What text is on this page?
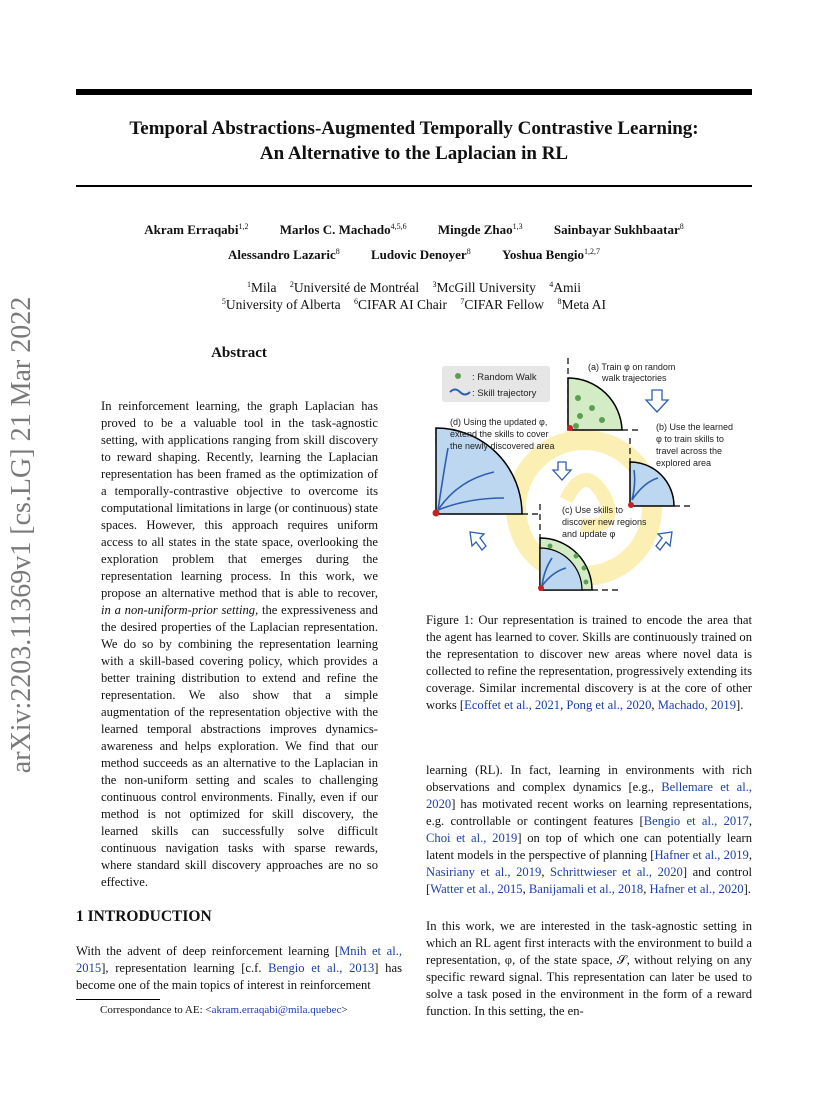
arXiv:2203.11369v1 [cs.LG] 21 Mar 2022
Temporal Abstractions-Augmented Temporally Contrastive Learning:
An Alternative to the Laplacian in RL
Akram Erraqabi$^{1,2}$ Marlos C. Machado$^{4,5,6}$ Mingde Zhao$^{1,3}$ Sainbayar Sukhbaatar$^8$
Alessandro Lazaric$^8$ Ludovic Denoyer$^8$ Yoshua Bengio$^{1,2,7}$
$^1$Mila $^2$Université de Montréal $^3$McGill University $^4$Amii
$^5$University of Alberta $^6$CIFAR AI Chair $^7$CIFAR Fellow $^8$Meta AI
Abstract

In reinforcement learning, the graph Laplacian has proved to be a valuable tool in the task-agnostic setting, with applications ranging from skill discovery to reward shaping. Recently, learning the Laplacian representation has been framed as the optimization of a temporally-contrastive objective to overcome its computational limitations in large (or continuous) state spaces. However, this approach requires uniform access to all states in the state space, overlooking the exploration problem that emerges during the representation learning process. In this work, we propose an alternative method that is able to recover, in a non-uniform-prior setting, the expressiveness and the desired properties of the Laplacian representation. We do so by combining the representation learning with a skill-based covering policy, which provides a better training distribution to extend and refine the representation. We also show that a simple augmentation of the representation objective with the learned temporal abstractions improves dynamics-awareness and helps exploration. We find that our method succeeds as an alternative to the Laplacian in the non-uniform setting and scales to challenging continuous control environments. Finally, even if our method is not optimized for skill discovery, the learned skills can successfully solve difficult continuous navigation tasks with sparse rewards, where standard skill discovery approaches are no so effective.

1 INTRODUCTION

With the advent of deep reinforcement learning [Mnih et al., 2015], representation learning [c.f. Bengio et al., 2013] has become one of the main topics of interest in reinforcement

Correspondance to AE: <akram.erraqabi@mila.quebec>
: Random Walk
: Skill trajectory
(a) Train φ on random
walk trajectories
(b) Use the learned
φ to train skills to
travel across the
explored area
(c) Use skills to
discover new regions
and update φ
(d) Using the updated φ,
extend the skills to cover
the newly discovered area

Figure 1: Our representation is trained to encode the area that the agent has learned to cover. Skills are continuously trained on the representation to discover new areas where novel data is collected to refine the representation, progressively extending its coverage. Similar incremental discovery is at the core of other works [Ecoffet et al., 2021, Pong et al., 2020, Machado, 2019].

learning (RL). In fact, learning in environments with rich observations and complex dynamics [e.g., Bellemare et al., 2020] has motivated recent works on learning representations, e.g. controllable or contingent features [Bengio et al., 2017, Choi et al., 2019] on top of which one can potentially learn latent models in the perspective of planning [Hafner et al., 2019, Nasiriany et al., 2019, Schrittwieser et al., 2020] and control [Watter et al., 2015, Banijamali et al., 2018, Hafner et al., 2020].

In this work, we are interested in the task-agnostic setting in which an RL agent first interacts with the environment to build a representation, φ, of the state space, 𝒮, without relying on any specific reward signal. This representation can later be used to solve a task posed in the environment in the form of a reward function. In this setting, the en-
